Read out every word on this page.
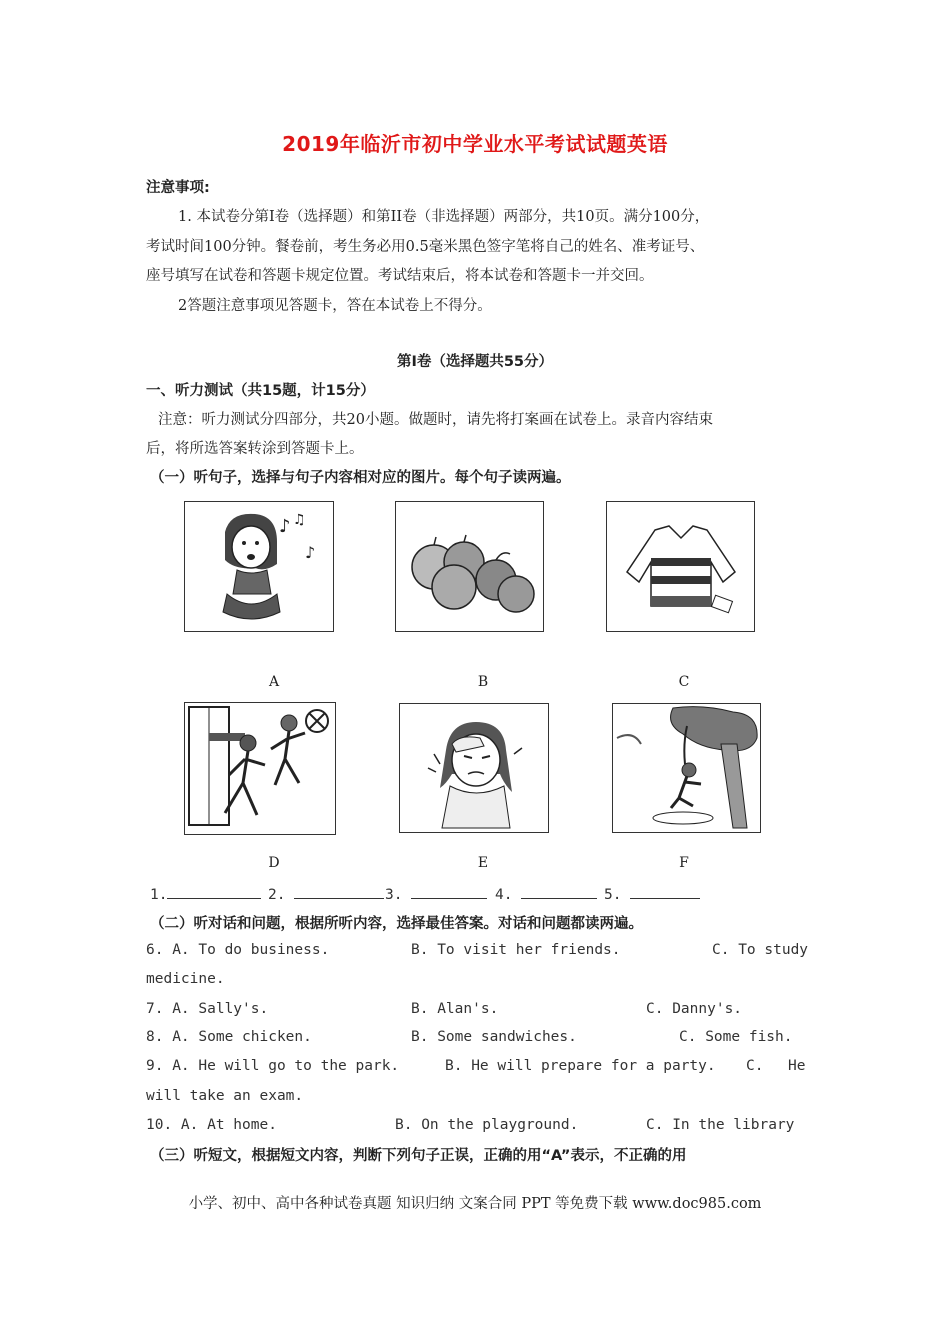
2019年临沂市初中学业水平考试试题英语
注意事项:
1. 本试卷分第Ⅰ卷（选择题）和第II卷（非选择题）两部分，共10页。满分100分，
考试时间100分钟。餐卷前，考生务必用0.5毫米黑色签字笔将自己的姓名、准考证号、
座号填写在试卷和答题卡规定位置。考试结束后，将本试卷和答题卡一并交回。
2答题注意事项见答题卡，答在本试卷上不得分。
第Ⅰ卷（选择题共55分）
一、听力测试（共15题，计15分）
注意：听力测试分四部分，共20小题。做题时，请先将打案画在试卷上。录音内容结束
后，将所选答案转涂到答题卡上。
（一）听句子，选择与句子内容相对应的图片。每个句子读两遍。
♪ ♫
♪
A	B	C
D	E	F
1.	2.	3.	4.	5.
（二）听对话和问题，根据所听内容，选择最佳答案。对话和问题都读两遍。
6. A. To do business.	B. To visit her friends.	C. To study
medicine.
7. A. Sally's.	B. Alan's.	C. Danny's.
8. A. Some chicken.	B. Some sandwiches.	C. Some fish.
9. A. He will go to the park.	B. He will prepare for a party. C. He
will take an exam.
10. A. At home.	B. On the playground.	C. In the library
（三）听短文，根据短文内容，判断下列句子正误，正确的用“A”表示，不正确的用
小学、初中、高中各种试卷真题 知识归纳 文案合同 PPT 等免费下载 www.doc985.com
